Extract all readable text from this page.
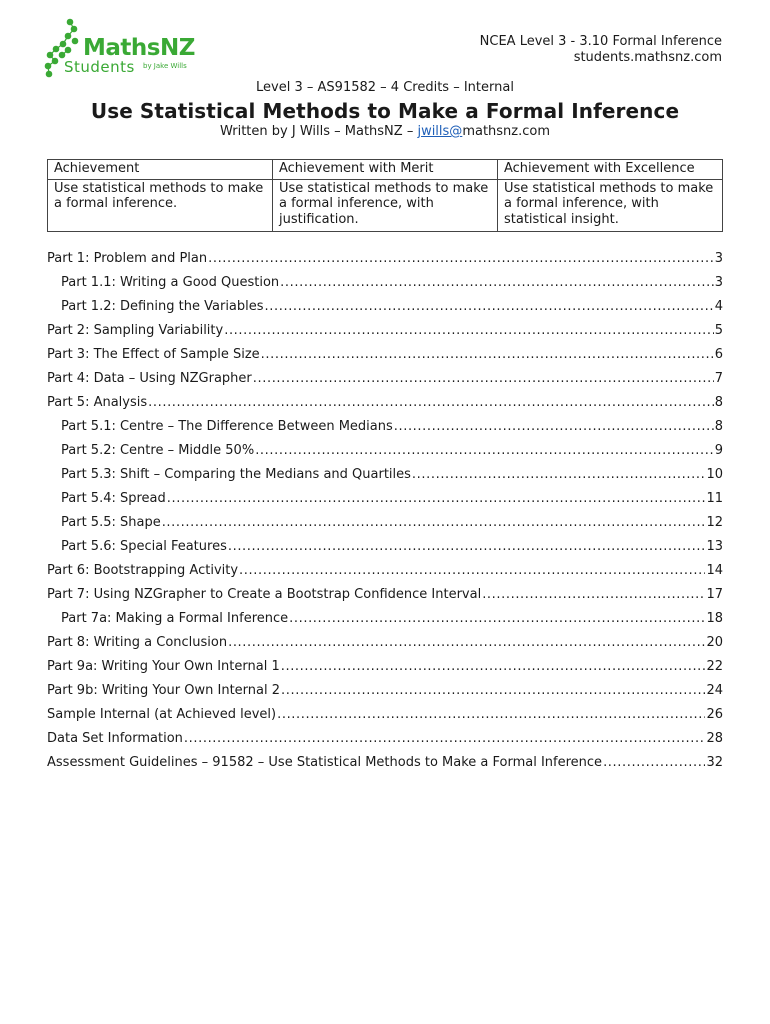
MathsNZ
Students by Jake Wills
NCEA Level 3 - 3.10 Formal Inference
students.mathsnz.com
Level 3 – AS91582 – 4 Credits – Internal
Use Statistical Methods to Make a Formal Inference
Written by J Wills – MathsNZ – jwills@mathsnz.com
Achievement	Achievement with Merit	Achievement with Excellence
Use statistical methods to make a formal inference.	Use statistical methods to make a formal inference, with justification.	Use statistical methods to make a formal inference, with statistical insight.
Part 1: Problem and Plan .....	3
Part 1.1: Writing a Good Question .....	3
Part 1.2: Defining the Variables .....	4
Part 2: Sampling Variability .....	5
Part 3: The Effect of Sample Size .....	6
Part 4: Data – Using NZGrapher .....	7
Part 5: Analysis .....	8
Part 5.1: Centre – The Difference Between Medians .....	8
Part 5.2: Centre – Middle 50% .....	9
Part 5.3: Shift – Comparing the Medians and Quartiles .....	10
Part 5.4: Spread .....	11
Part 5.5: Shape .....	12
Part 5.6: Special Features .....	13
Part 6: Bootstrapping Activity .....	14
Part 7: Using NZGrapher to Create a Bootstrap Confidence Interval .....	17
Part 7a: Making a Formal Inference .....	18
Part 8: Writing a Conclusion .....	20
Part 9a: Writing Your Own Internal 1 .....	22
Part 9b: Writing Your Own Internal 2 .....	24
Sample Internal (at Achieved level) .....	26
Data Set Information .....	28
Assessment Guidelines – 91582 – Use Statistical Methods to Make a Formal Inference .....	32
